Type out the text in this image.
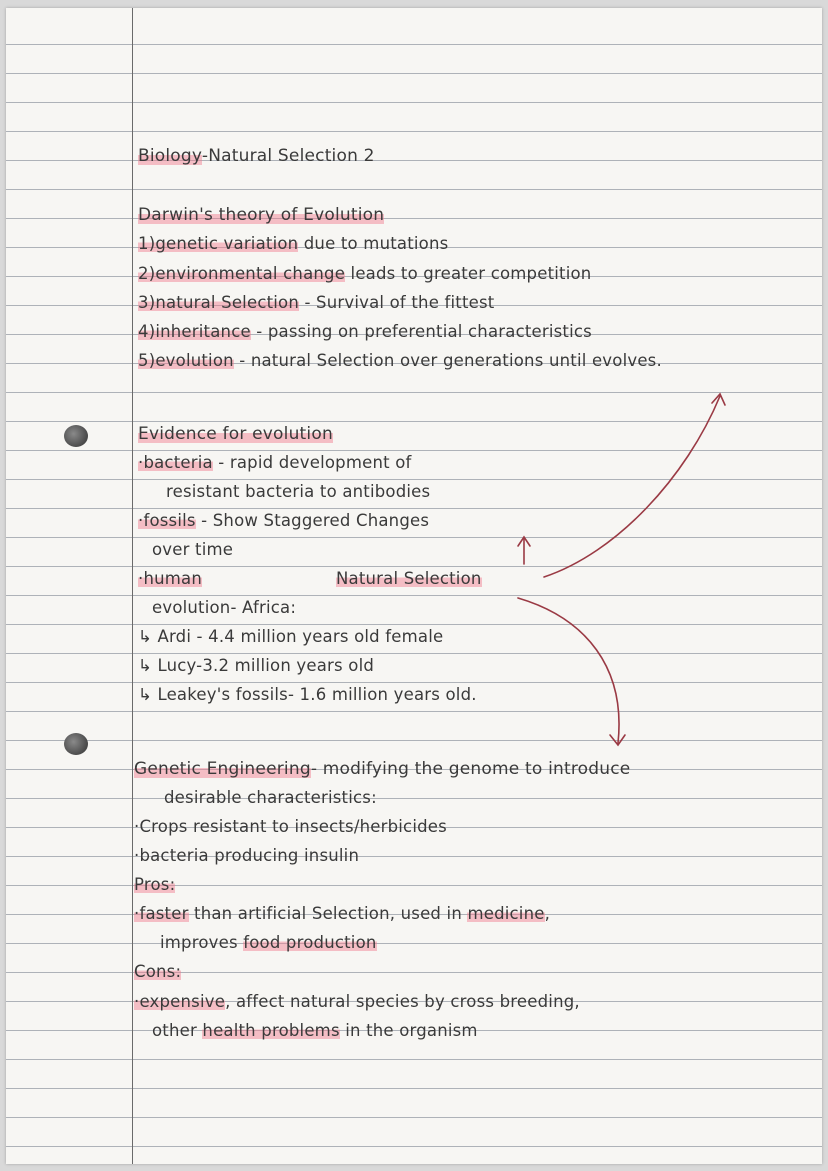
Biology-Natural Selection 2
Darwin's theory of Evolution
1)genetic variation due to mutations
2)environmental change leads to greater competition
3)natural Selection - Survival of the fittest
4)inheritance - passing on preferential characteristics
5)evolution - natural Selection over generations until evolves.
Evidence for evolution
·bacteria - rapid development of
resistant bacteria to antibodies
·fossils - Show Staggered Changes
over time
·human	Natural Selection
evolution- Africa:
↳ Ardi - 4.4 million years old female
↳ Lucy-3.2 million years old
↳ Leakey's fossils- 1.6 million years old.
Genetic Engineering- modifying the genome to introduce
desirable characteristics:
·Crops resistant to insects/herbicides
·bacteria producing insulin
Pros:
·faster than artificial Selection, used in medicine,
improves food production
Cons:
·expensive, affect natural species by cross breeding,
other health problems in the organism
